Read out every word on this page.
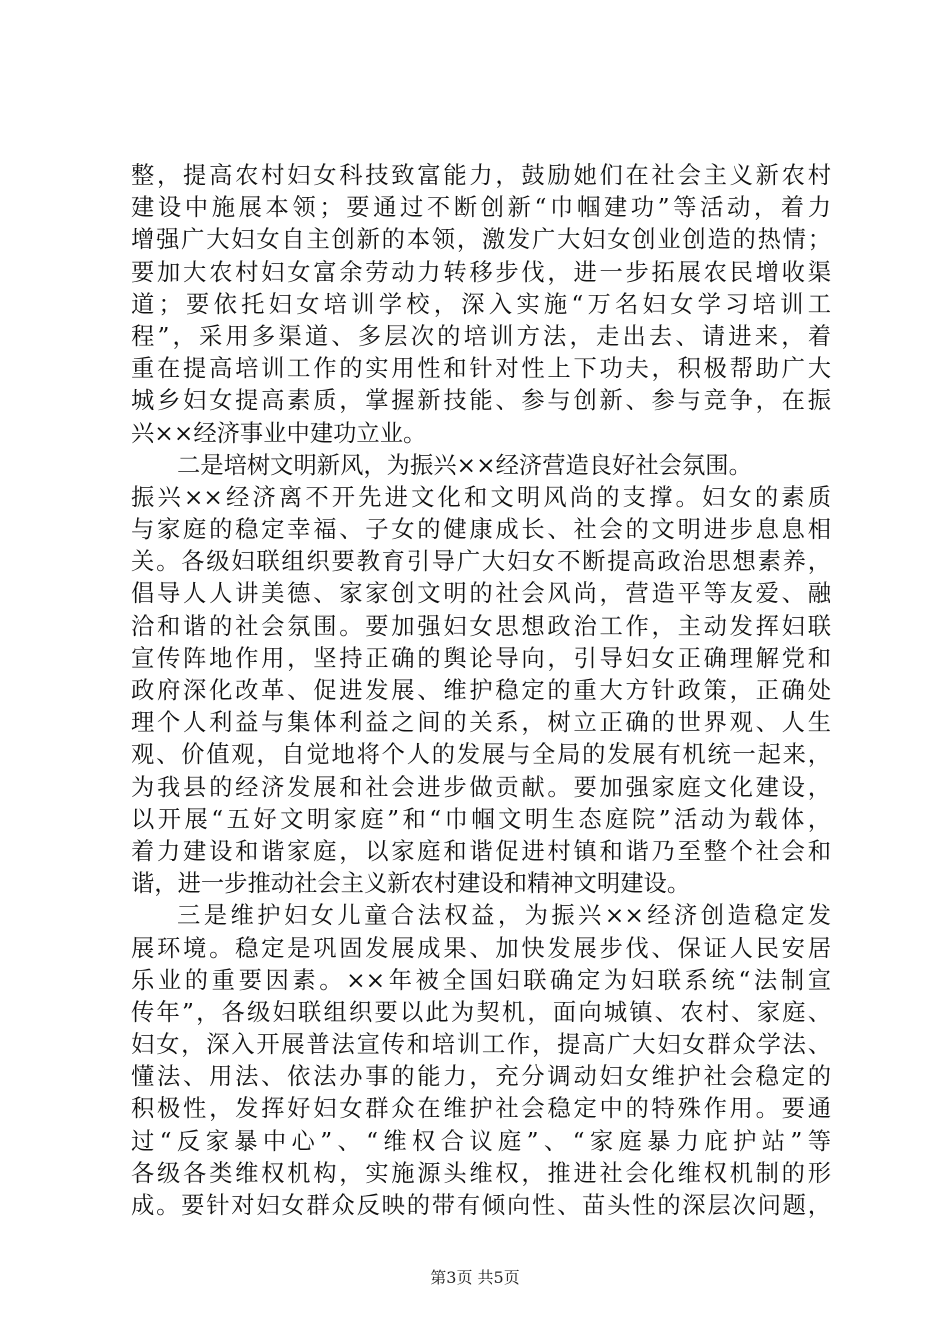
整，提高农村妇女科技致富能力，鼓励她们在社会主义新农村
建设中施展本领；要通过不断创新“巾帼建功”等活动，着力
增强广大妇女自主创新的本领，激发广大妇女创业创造的热情；
要加大农村妇女富余劳动力转移步伐，进一步拓展农民增收渠
道；要依托妇女培训学校，深入实施“万名妇女学习培训工
程”，采用多渠道、多层次的培训方法，走出去、请进来，着
重在提高培训工作的实用性和针对性上下功夫，积极帮助广大
城乡妇女提高素质，掌握新技能、参与创新、参与竞争，在振
兴××经济事业中建功立业。
二是培树文明新风，为振兴××经济营造良好社会氛围。
振兴××经济离不开先进文化和文明风尚的支撑。妇女的素质
与家庭的稳定幸福、子女的健康成长、社会的文明进步息息相
关。各级妇联组织要教育引导广大妇女不断提高政治思想素养，
倡导人人讲美德、家家创文明的社会风尚，营造平等友爱、融
洽和谐的社会氛围。要加强妇女思想政治工作，主动发挥妇联
宣传阵地作用，坚持正确的舆论导向，引导妇女正确理解党和
政府深化改革、促进发展、维护稳定的重大方针政策，正确处
理个人利益与集体利益之间的关系，树立正确的世界观、人生
观、价值观，自觉地将个人的发展与全局的发展有机统一起来，
为我县的经济发展和社会进步做贡献。要加强家庭文化建设，
以开展“五好文明家庭”和“巾帼文明生态庭院”活动为载体，
着力建设和谐家庭，以家庭和谐促进村镇和谐乃至整个社会和
谐，进一步推动社会主义新农村建设和精神文明建设。
三是维护妇女儿童合法权益，为振兴××经济创造稳定发
展环境。稳定是巩固发展成果、加快发展步伐、保证人民安居
乐业的重要因素。××年被全国妇联确定为妇联系统“法制宣
传年”，各级妇联组织要以此为契机，面向城镇、农村、家庭、
妇女，深入开展普法宣传和培训工作，提高广大妇女群众学法、
懂法、用法、依法办事的能力，充分调动妇女维护社会稳定的
积极性，发挥好妇女群众在维护社会稳定中的特殊作用。要通
过“反家暴中心”、“维权合议庭”、“家庭暴力庇护站”等
各级各类维权机构，实施源头维权，推进社会化维权机制的形
成。要针对妇女群众反映的带有倾向性、苗头性的深层次问题，
第3页 共5页
